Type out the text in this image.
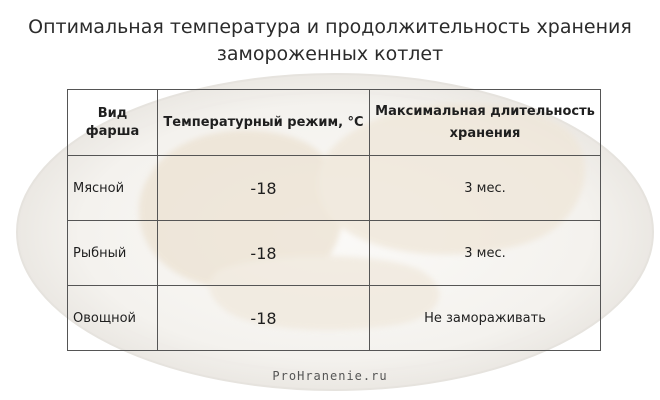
Оптимальная температура и продолжительность хранения
замороженных котлет
Вид фарша	Температурный режим, °С	Максимальная длительность хранения
Мясной	-18	3 мес.
Рыбный	-18	3 мес.
Овощной	-18	Не замораживать
ProHranenie.ru
